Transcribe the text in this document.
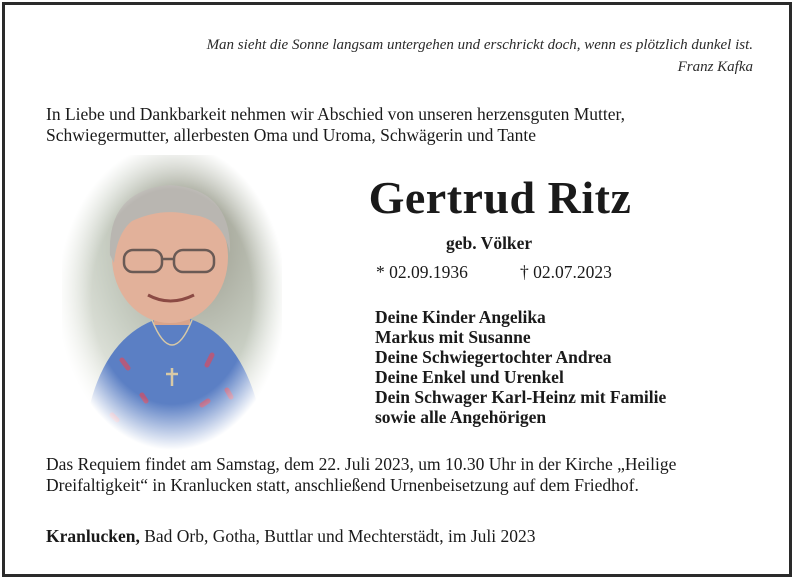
Man sieht die Sonne langsam untergehen und erschrickt doch, wenn es plötzlich dunkel ist.
Franz Kafka
In Liebe und Dankbarkeit nehmen wir Abschied von unseren herzensguten Mutter, Schwiegermutter, allerbesten Oma und Uroma, Schwägerin und Tante
Gertrud Ritz
geb. Völker
* 02.09.1936	† 02.07.2023
Deine Kinder Angelika
Markus mit Susanne
Deine Schwiegertochter Andrea
Deine Enkel und Urenkel
Dein Schwager Karl-Heinz mit Familie
sowie alle Angehörigen
Das Requiem findet am Samstag, dem 22. Juli 2023, um 10.30 Uhr in der Kirche „Heilige Dreifaltigkeit“ in Kranlucken statt, anschließend Urnenbeisetzung auf dem Friedhof.
Kranlucken, Bad Orb, Gotha, Buttlar und Mechterstädt, im Juli 2023
